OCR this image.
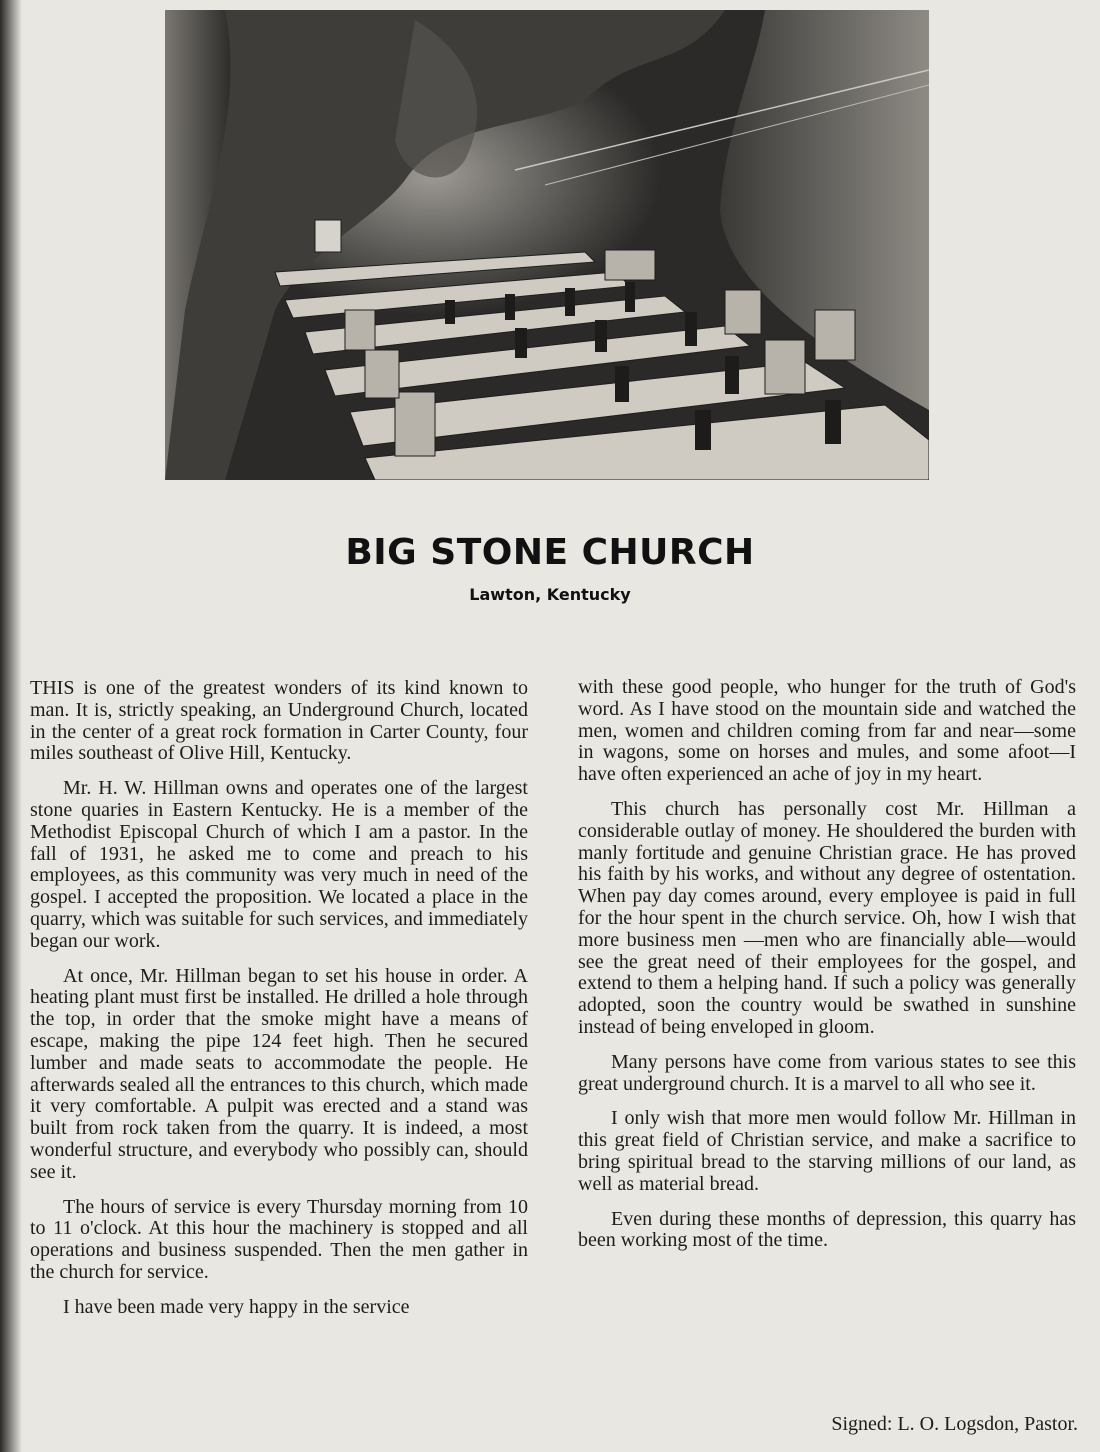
BIG STONE CHURCH
Lawton, Kentucky

THIS is one of the greatest wonders of its kind known to man. It is, strictly speaking, an Underground Church, located in the center of a great rock formation in Carter County, four miles southeast of Olive Hill, Kentucky.

Mr. H. W. Hillman owns and operates one of the largest stone quaries in Eastern Kentucky. He is a member of the Methodist Episcopal Church of which I am a pastor. In the fall of 1931, he asked me to come and preach to his employees, as this community was very much in need of the gospel. I accepted the proposition. We located a place in the quarry, which was suitable for such services, and immediately began our work.

At once, Mr. Hillman began to set his house in order. A heating plant must first be installed. He drilled a hole through the top, in order that the smoke might have a means of escape, making the pipe 124 feet high. Then he secured lumber and made seats to accommodate the people. He afterwards sealed all the entrances to this church, which made it very comfortable. A pulpit was erected and a stand was built from rock taken from the quarry. It is indeed, a most wonderful structure, and everybody who possibly can, should see it.

The hours of service is every Thursday morning from 10 to 11 o'clock. At this hour the machinery is stopped and all operations and business suspended. Then the men gather in the church for service.

I have been made very happy in the service

with these good people, who hunger for the truth of God's word. As I have stood on the mountain side and watched the men, women and children coming from far and near—some in wagons, some on horses and mules, and some afoot—I have often experienced an ache of joy in my heart.

This church has personally cost Mr. Hillman a considerable outlay of money. He shouldered the burden with manly fortitude and genuine Christian grace. He has proved his faith by his works, and without any degree of ostentation. When pay day comes around, every employee is paid in full for the hour spent in the church service. Oh, how I wish that more business men —men who are financially able—would see the great need of their employees for the gospel, and extend to them a helping hand. If such a policy was generally adopted, soon the country would be swathed in sunshine instead of being enveloped in gloom.

Many persons have come from various states to see this great underground church. It is a marvel to all who see it.

I only wish that more men would follow Mr. Hillman in this great field of Christian service, and make a sacrifice to bring spiritual bread to the starving millions of our land, as well as material bread.

Even during these months of depression, this quarry has been working most of the time.

Signed: L. O. Logsdon, Pastor.
